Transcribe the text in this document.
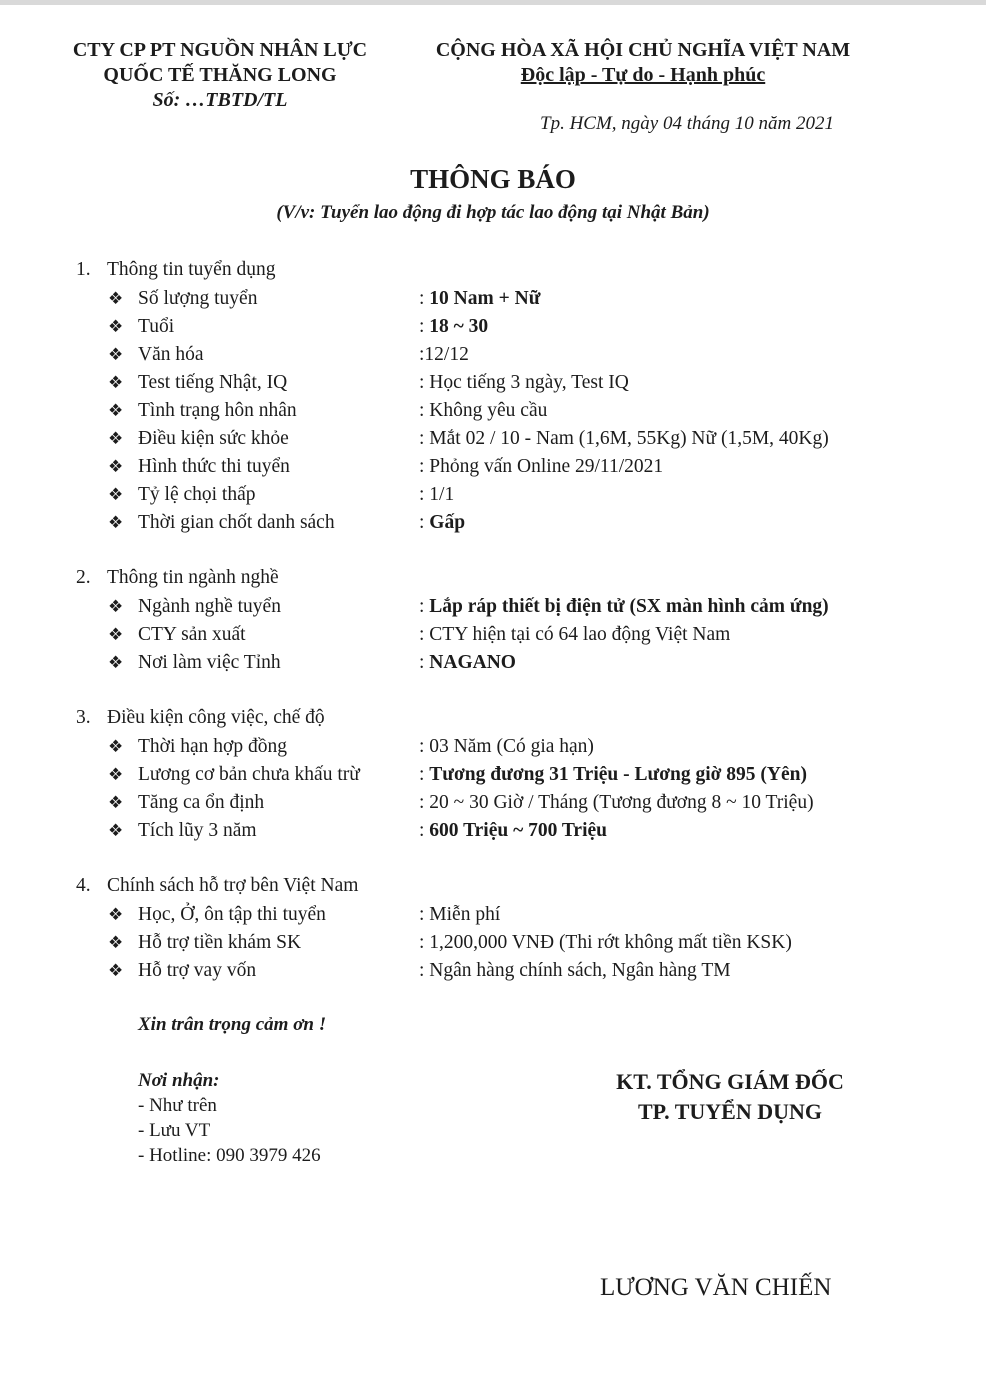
CTY CP PT NGUỒN NHÂN LỰC
QUỐC TẾ THĂNG LONG
Số: …TBTD/TL
CỘNG HÒA XÃ HỘI CHỦ NGHĨA VIỆT NAM
Độc lập - Tự do - Hạnh phúc
Tp. HCM, ngày 04 tháng 10 năm 2021
THÔNG BÁO
(V/v: Tuyển lao động đi hợp tác lao động tại Nhật Bản)
1. Thông tin tuyển dụng
❖ Số lượng tuyển	: 10 Nam + Nữ
❖ Tuổi	: 18 ~ 30
❖ Văn hóa	:12/12
❖ Test tiếng Nhật, IQ	: Học tiếng 3 ngày, Test IQ
❖ Tình trạng hôn nhân	: Không yêu cầu
❖ Điều kiện sức khỏe	: Mắt 02 / 10 - Nam (1,6M, 55Kg) Nữ (1,5M, 40Kg)
❖ Hình thức thi tuyển	: Phỏng vấn Online 29/11/2021
❖ Tỷ lệ chọi thấp	: 1/1
❖ Thời gian chốt danh sách	: Gấp
2. Thông tin ngành nghề
❖ Ngành nghề tuyển	: Lắp ráp thiết bị điện tử (SX màn hình cảm ứng)
❖ CTY sản xuất	: CTY hiện tại có 64 lao động Việt Nam
❖ Nơi làm việc Tỉnh	: NAGANO
3. Điều kiện công việc, chế độ
❖ Thời hạn hợp đồng	: 03 Năm (Có gia hạn)
❖ Lương cơ bản chưa khấu trừ	: Tương đương 31 Triệu - Lương giờ 895 (Yên)
❖ Tăng ca ổn định	: 20 ~ 30 Giờ / Tháng (Tương đương 8 ~ 10 Triệu)
❖ Tích lũy 3 năm	: 600 Triệu ~ 700 Triệu
4. Chính sách hỗ trợ bên Việt Nam
❖ Học, Ở, ôn tập thi tuyển	: Miễn phí
❖ Hỗ trợ tiền khám SK	: 1,200,000 VNĐ (Thi rớt không mất tiền KSK)
❖ Hỗ trợ vay vốn	: Ngân hàng chính sách, Ngân hàng TM
Xin trân trọng cảm ơn !
Nơi nhận:
- Như trên
- Lưu VT
- Hotline: 090 3979 426
KT. TỔNG GIÁM ĐỐC
TP. TUYỂN DỤNG
LƯƠNG VĂN CHIẾN
